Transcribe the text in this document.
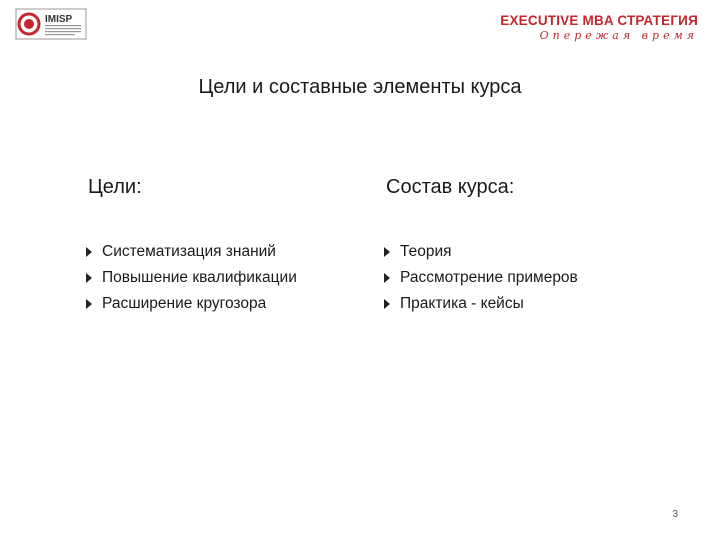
IMISP	EXECUTIVE MBA СТРАТЕГИЯ
Опережая время
Цели и составные элементы курса
Цели:
Систематизация знаний
Повышение квалификации
Расширение кругозора
Состав курса:
Теория
Рассмотрение примеров
Практика - кейсы
3
